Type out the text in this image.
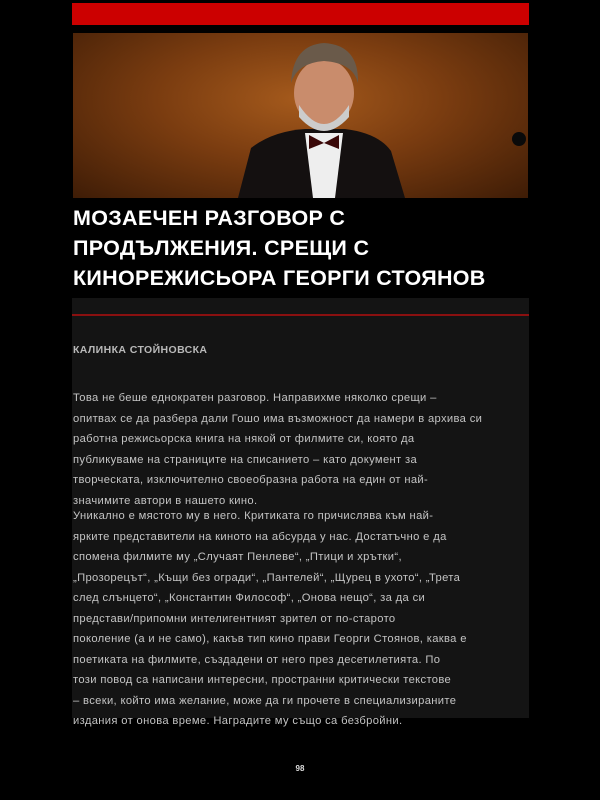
МОЗАЕЧЕН РАЗГОВОР С
ПРОДЪЛЖЕНИЯ. СРЕЩИ С
КИНОРЕЖИСЬОРА ГЕОРГИ СТОЯНОВ
КАЛИНКА СТОЙНОВСКА
Това не беше еднократен разговор. Направихме няколко срещи –
опитвах се да разбера дали Гошо има възможност да намери в архива си
работна режисьорска книга на някой от филмите си, която да
публикуваме на страниците на списанието – като документ за
творческата, изключително своеобразна работа на един от най-
значимите автори в нашето кино.
Уникално е мястото му в него. Критиката го причислява към най-
ярките представители на киното на абсурда у нас. Достатъчно е да
спомена филмите му „Случаят Пенлеве“, „Птици и хрътки“,
„Прозорецът“, „Къщи без огради“, „Пантелей“, „Щурец в ухото“, „Трета
след слънцето“, „Константин Философ“, „Онова нещо“, за да си
представи/припомни интелигентният зрител от по-старото
поколение (а и не само), какъв тип кино прави Георги Стоянов, каква е
поетиката на филмите, създадени от него през десетилетията. По
този повод са написани интересни, пространни критически текстове
– всеки, който има желание, може да ги прочете в специализираните
издания от онова време. Наградите му също са безбройни.
98
